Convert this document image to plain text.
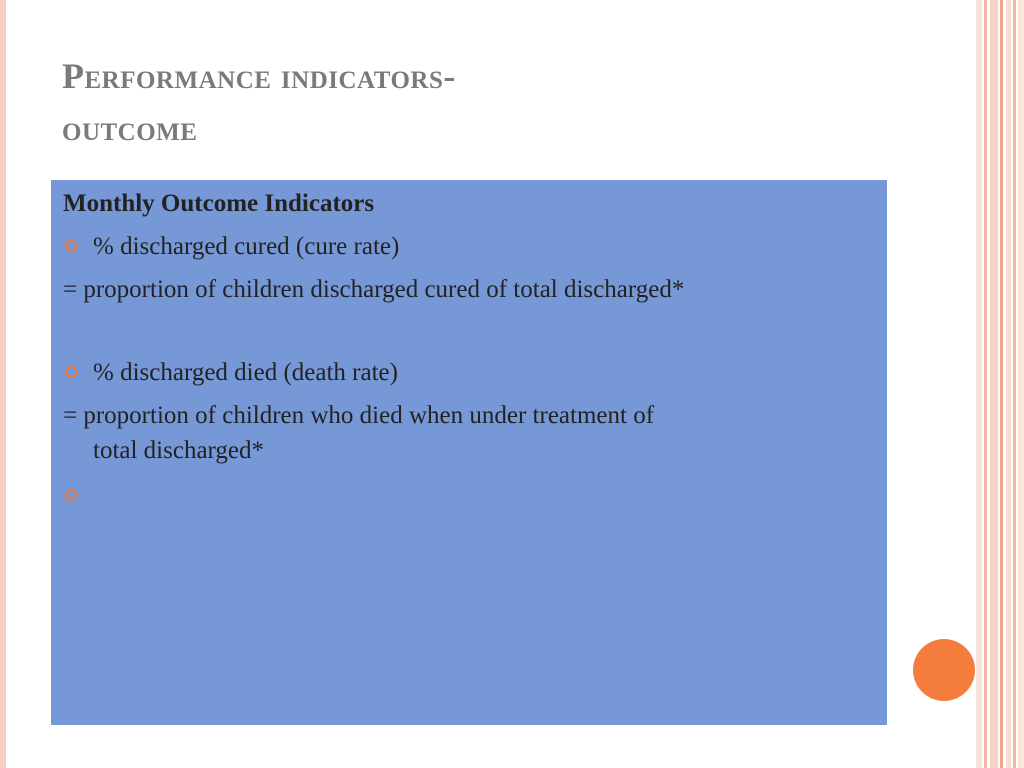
Performance indicators-
outcome
Monthly Outcome Indicators
% discharged cured (cure rate)
= proportion of children discharged cured of total discharged*
% discharged died (death rate)
= proportion of children who died when under treatment of
total discharged*
